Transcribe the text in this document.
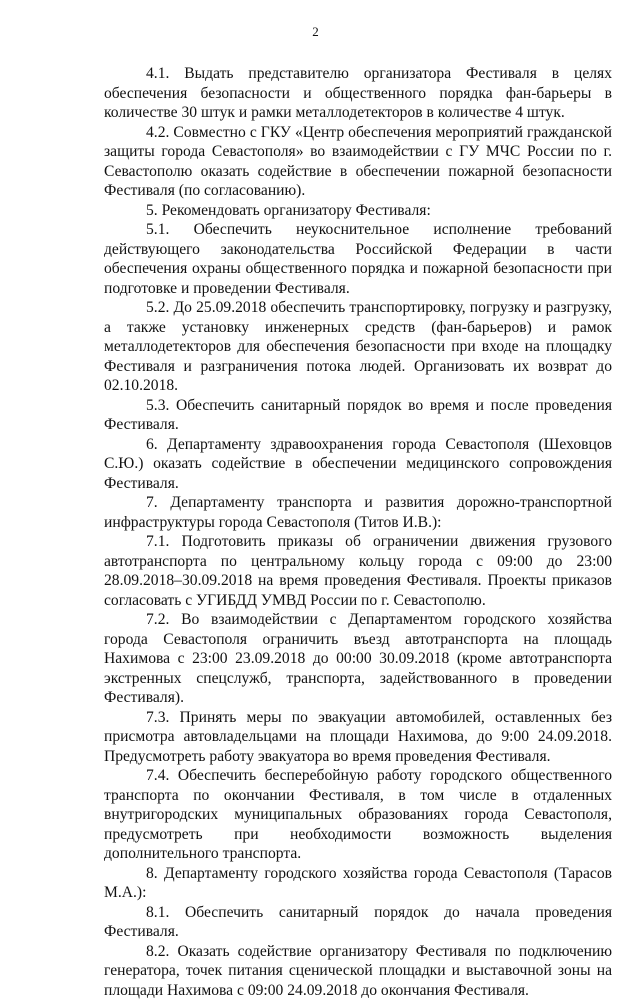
2

4.1. Выдать представителю организатора Фестиваля в целях обеспечения безопасности и общественного порядка фан-барьеры в количестве 30 штук и рамки металлодетекторов в количестве 4 штук.

4.2. Совместно с ГКУ «Центр обеспечения мероприятий гражданской защиты города Севастополя» во взаимодействии с ГУ МЧС России по г. Севастополю оказать содействие в обеспечении пожарной безопасности Фестиваля (по согласованию).

5. Рекомендовать организатору Фестиваля:

5.1. Обеспечить неукоснительное исполнение требований действующего законодательства Российской Федерации в части обеспечения охраны общественного порядка и пожарной безопасности при подготовке и проведении Фестиваля.

5.2. До 25.09.2018 обеспечить транспортировку, погрузку и разгрузку, а также установку инженерных средств (фан-барьеров) и рамок металлодетекторов для обеспечения безопасности при входе на площадку Фестиваля и разграничения потока людей. Организовать их возврат до 02.10.2018.

5.3. Обеспечить санитарный порядок во время и после проведения Фестиваля.

6. Департаменту здравоохранения города Севастополя (Шеховцов С.Ю.) оказать содействие в обеспечении медицинского сопровождения Фестиваля.

7. Департаменту транспорта и развития дорожно-транспортной инфраструктуры города Севастополя (Титов И.В.):

7.1. Подготовить приказы об ограничении движения грузового автотранспорта по центральному кольцу города с 09:00 до 23:00 28.09.2018–30.09.2018 на время проведения Фестиваля. Проекты приказов согласовать с УГИБДД УМВД России по г. Севастополю.

7.2. Во взаимодействии с Департаментом городского хозяйства города Севастополя ограничить въезд автотранспорта на площадь Нахимова с 23:00 23.09.2018 до 00:00 30.09.2018 (кроме автотранспорта экстренных спецслужб, транспорта, задействованного в проведении Фестиваля).

7.3. Принять меры по эвакуации автомобилей, оставленных без присмотра автовладельцами на площади Нахимова, до 9:00 24.09.2018. Предусмотреть работу эвакуатора во время проведения Фестиваля.

7.4. Обеспечить бесперебойную работу городского общественного транспорта по окончании Фестиваля, в том числе в отдаленных внутригородских муниципальных образованиях города Севастополя, предусмотреть при необходимости возможность выделения дополнительного транспорта.

8. Департаменту городского хозяйства города Севастополя (Тарасов М.А.):

8.1. Обеспечить санитарный порядок до начала проведения Фестиваля.

8.2. Оказать содействие организатору Фестиваля по подключению генератора, точек питания сценической площадки и выставочной зоны на площади Нахимова с 09:00 24.09.2018 до окончания Фестиваля.
